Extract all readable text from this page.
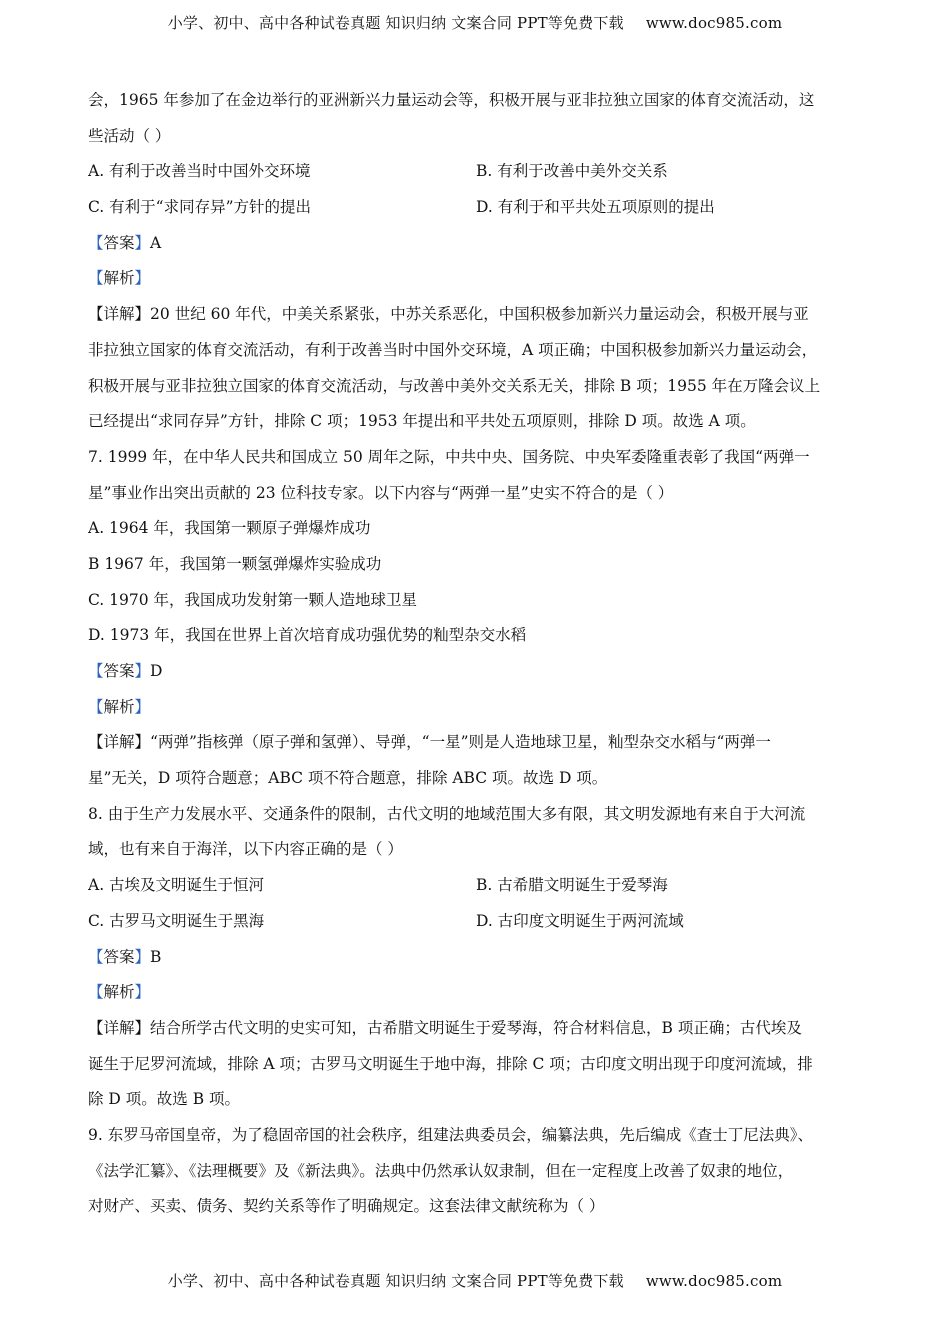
小学、初中、高中各种试卷真题 知识归纳 文案合同 PPT等免费下载 www.doc985.com
会，1965 年参加了在金边举行的亚洲新兴力量运动会等，积极开展与亚非拉独立国家的体育交流活动，这
些活动（ ）
A. 有利于改善当时中国外交环境	B. 有利于改善中美外交关系
C. 有利于“求同存异”方针的提出	D. 有利于和平共处五项原则的提出
【答案】A
【解析】
【详解】20 世纪 60 年代，中美关系紧张，中苏关系恶化，中国积极参加新兴力量运动会，积极开展与亚
非拉独立国家的体育交流活动，有利于改善当时中国外交环境，A 项正确；中国积极参加新兴力量运动会，
积极开展与亚非拉独立国家的体育交流活动，与改善中美外交关系无关，排除 B 项；1955 年在万隆会议上
已经提出“求同存异”方针，排除 C 项；1953 年提出和平共处五项原则，排除 D 项。故选 A 项。
7. 1999 年，在中华人民共和国成立 50 周年之际，中共中央、国务院、中央军委隆重表彰了我国“两弹一
星”事业作出突出贡献的 23 位科技专家。以下内容与“两弹一星”史实不符合的是（ ）
A. 1964 年，我国第一颗原子弹爆炸成功
B 1967 年，我国第一颗氢弹爆炸实验成功
C. 1970 年，我国成功发射第一颗人造地球卫星
D. 1973 年，我国在世界上首次培育成功强优势的籼型杂交水稻
【答案】D
【解析】
【详解】“两弹”指核弹（原子弹和氢弹）、导弹，“一星”则是人造地球卫星，籼型杂交水稻与“两弹一
星”无关，D 项符合题意；ABC 项不符合题意，排除 ABC 项。故选 D 项。
8. 由于生产力发展水平、交通条件的限制，古代文明的地域范围大多有限，其文明发源地有来自于大河流
域，也有来自于海洋，以下内容正确的是（ ）
A. 古埃及文明诞生于恒河	B. 古希腊文明诞生于爱琴海
C. 古罗马文明诞生于黑海	D. 古印度文明诞生于两河流域
【答案】B
【解析】
【详解】结合所学古代文明的史实可知，古希腊文明诞生于爱琴海，符合材料信息，B 项正确；古代埃及
诞生于尼罗河流域，排除 A 项；古罗马文明诞生于地中海，排除 C 项；古印度文明出现于印度河流域，排
除 D 项。故选 B 项。
9. 东罗马帝国皇帝，为了稳固帝国的社会秩序，组建法典委员会，编纂法典，先后编成《查士丁尼法典》、
《法学汇纂》、《法理概要》及《新法典》。法典中仍然承认奴隶制，但在一定程度上改善了奴隶的地位，
对财产、买卖、债务、契约关系等作了明确规定。这套法律文献统称为（ ）
小学、初中、高中各种试卷真题 知识归纳 文案合同 PPT等免费下载 www.doc985.com
